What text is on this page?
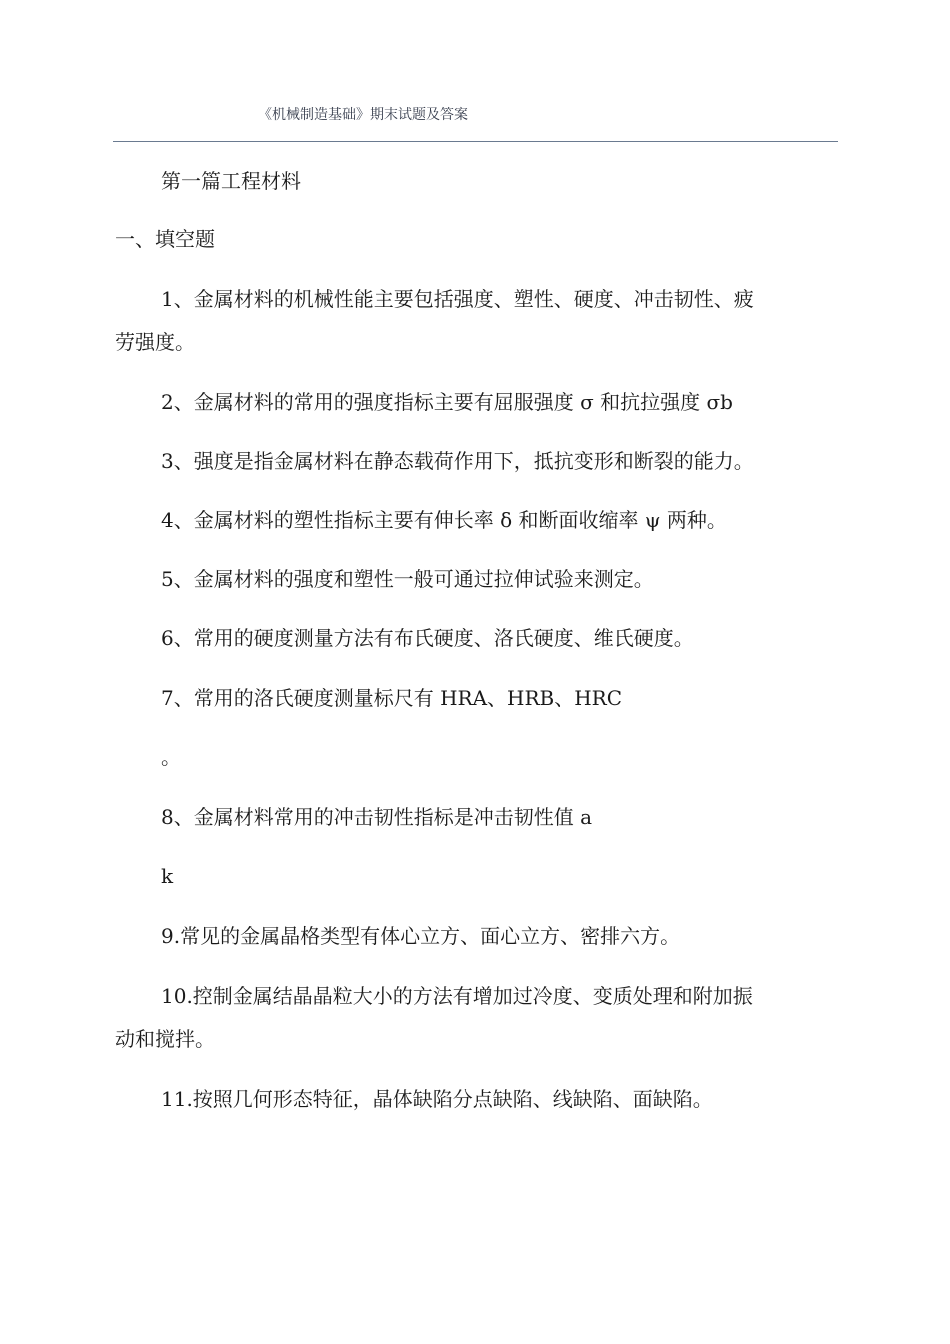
《机械制造基础》期末试题及答案
第一篇工程材料
一、填空题
1、金属材料的机械性能主要包括强度、塑性、硬度、冲击韧性、疲
劳强度。
2、金属材料的常用的强度指标主要有屈服强度 σ 和抗拉强度 σb
3、强度是指金属材料在静态载荷作用下，抵抗变形和断裂的能力。
4、金属材料的塑性指标主要有伸长率 δ 和断面收缩率 ψ 两种。
5、金属材料的强度和塑性一般可通过拉伸试验来测定。
6、常用的硬度测量方法有布氏硬度、洛氏硬度、维氏硬度。
7、常用的洛氏硬度测量标尺有 HRA、HRB、HRC
。
8、金属材料常用的冲击韧性指标是冲击韧性值 a
k
9.常见的金属晶格类型有体心立方、面心立方、密排六方。
10.控制金属结晶晶粒大小的方法有增加过冷度、变质处理和附加振
动和搅拌。
11.按照几何形态特征，晶体缺陷分点缺陷、线缺陷、面缺陷。
